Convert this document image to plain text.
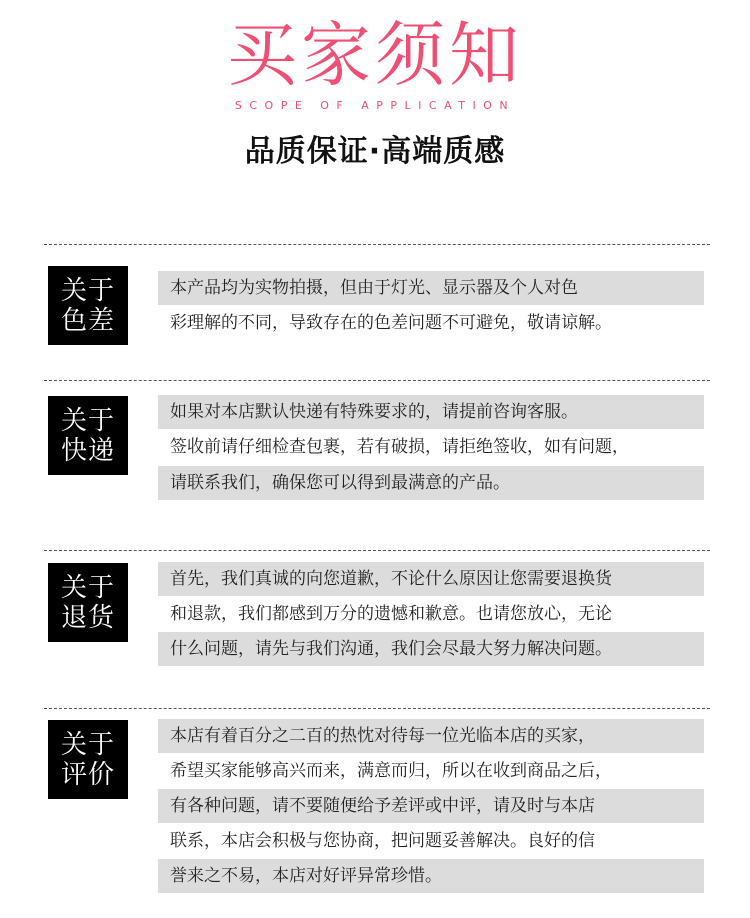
买家须知
SCOPE OF APPLICATION
品质保证·高端质感
关于
色差
本产品均为实物拍摄，但由于灯光、显示器及个人对色
彩理解的不同，导致存在的色差问题不可避免，敬请谅解。
关于
快递
如果对本店默认快递有特殊要求的，请提前咨询客服。
签收前请仔细检查包裹，若有破损，请拒绝签收，如有问题，
请联系我们，确保您可以得到最满意的产品。
关于
退货
首先，我们真诚的向您道歉，不论什么原因让您需要退换货
和退款，我们都感到万分的遗憾和歉意。也请您放心，无论
什么问题，请先与我们沟通，我们会尽最大努力解决问题。
关于
评价
本店有着百分之二百的热忱对待每一位光临本店的买家，
希望买家能够高兴而来，满意而归，所以在收到商品之后，
有各种问题，请不要随便给予差评或中评，请及时与本店
联系，本店会积极与您协商，把问题妥善解决。良好的信
誉来之不易，本店对好评异常珍惜。
